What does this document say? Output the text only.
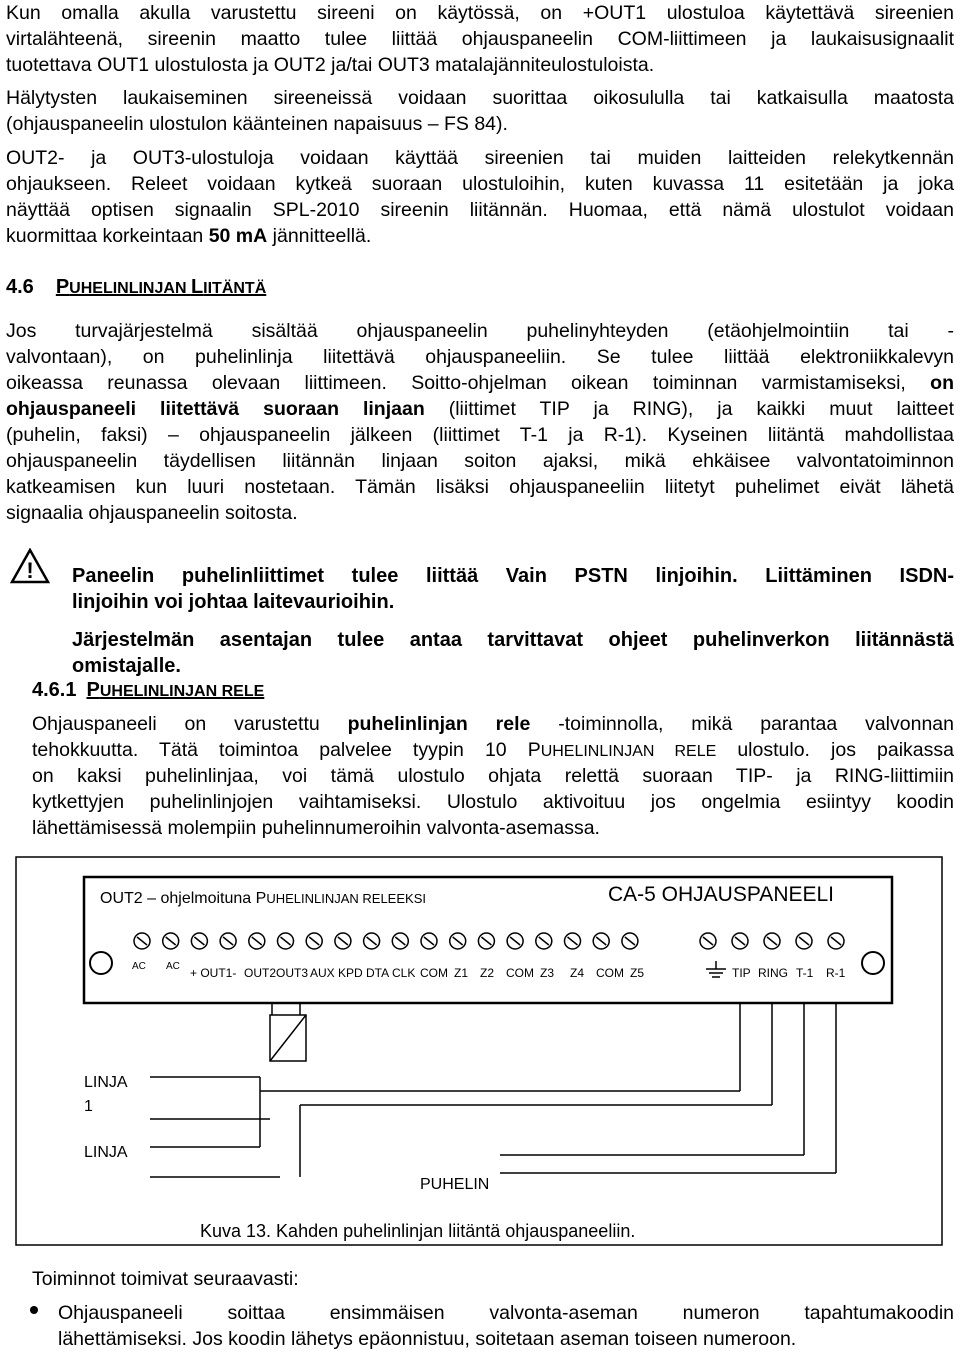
Kun omalla akulla varustettu sireeni on käytössä, on +OUT1 ulostuloa käytettävä sireenien

virtalähteenä, sireenin maatto tulee liittää ohjauspaneelin COM-liittimeen ja laukaisusignaalit

tuotettava OUT1 ulostulosta ja OUT2 ja/tai OUT3 matalajänniteulostuloista.

Hälytysten laukaiseminen sireeneissä voidaan suorittaa oikosululla tai katkaisulla maatosta

(ohjauspaneelin ulostulon käänteinen napaisuus – FS 84).

OUT2- ja OUT3-ulostuloja voidaan käyttää sireenien tai muiden laitteiden relekytkennän

ohjaukseen. Releet voidaan kytkeä suoraan ulostuloihin, kuten kuvassa 11 esitetään ja joka

näyttää optisen signaalin SPL-2010 sireenin liitännän. Huomaa, että nämä ulostulot voidaan

kuormittaa korkeintaan 50 mA jännitteellä.

4.6 PUHELINLINJAN LIITÄNTÄ

Jos turvajärjestelmä sisältää ohjauspaneelin puhelinyhteyden (etäohjelmointiin tai -

valvontaan), on puhelinlinja liitettävä ohjauspaneeliin. Se tulee liittää elektroniikkalevyn

oikeassa reunassa olevaan liittimeen. Soitto-ohjelman oikean toiminnan varmistamiseksi, on

ohjauspaneeli liitettävä suoraan linjaan (liittimet TIP ja RING), ja kaikki muut laitteet

(puhelin, faksi) – ohjauspaneelin jälkeen (liittimet T-1 ja R-1). Kyseinen liitäntä mahdollistaa

ohjauspaneelin täydellisen liitännän linjaan soiton ajaksi, mikä ehkäisee valvontatoiminnon

katkeamisen kun luuri nostetaan. Tämän lisäksi ohjauspaneeliin liitetyt puhelimet eivät lähetä

signaalia ohjauspaneelin soitosta.

! Paneelin puhelinliittimet tulee liittää Vain PSTN linjoihin. Liittäminen ISDN-

linjoihin voi johtaa laitevaurioihin.

Järjestelmän asentajan tulee antaa tarvittavat ohjeet puhelinverkon liitännästä

omistajalle.

4.6.1 PUHELINLINJAN RELE

Ohjauspaneeli on varustettu puhelinlinjan rele -toiminnolla, mikä parantaa valvonnan

tehokkuutta. Tätä toimintoa palvelee tyypin 10 PUHELINLINJAN RELE ulostulo. jos paikassa

on kaksi puhelinlinjaa, voi tämä ulostulo ohjata relettä suoraan TIP- ja RING-liittimiin

kytkettyjen puhelinlinjojen vaihtamiseksi. Ulostulo aktivoituu jos ongelmia esiintyy koodin

lähettämisessä molempiin puhelinnumeroihin valvonta-asemassa.

OUT2 – ohjelmoituna PUHELINLINJAN RELEEKSI	CA-5 OHJAUSPANEELI
AC AC + OUT1- OUT2 OUT3 AUX KPD DTA CLK COM Z1 Z2 COM Z3 Z4 COM Z5	TIP RING T-1 R-1
LINJA
1
LINJA
PUHELIN
Kuva 13. Kahden puhelinlinjan liitäntä ohjauspaneeliin.

Toiminnot toimivat seuraavasti:

Ohjauspaneeli soittaa ensimmäisen valvonta-aseman numeron tapahtumakoodin

lähettämiseksi. Jos koodin lähetys epäonnistuu, soitetaan aseman toiseen numeroon.
